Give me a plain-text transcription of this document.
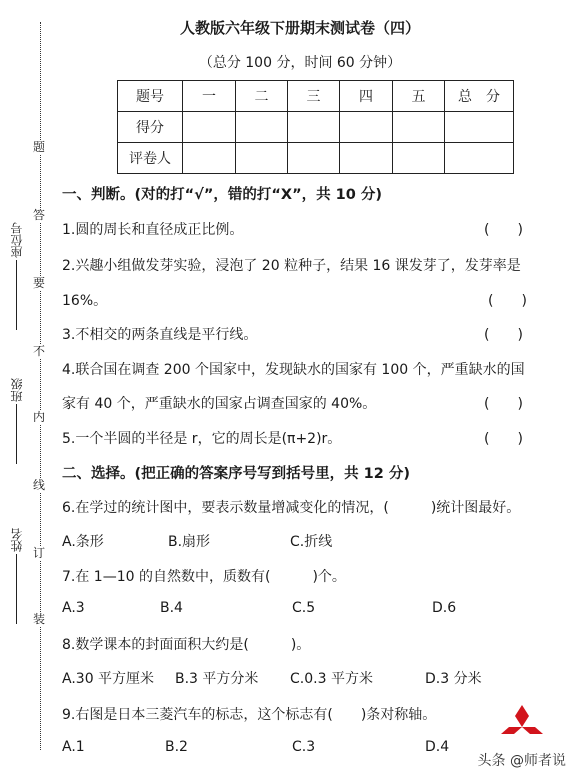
题
答
要
不
内
线
订
装
座位号
班级
姓名
人教版六年级下册期末测试卷（四）
（总分 100 分，时间 60 分钟）
题号	一	二	三	四	五	总　分
得分						
评卷人						
一、判断。(对的打“√”，错的打“X”，共 10 分)
1.圆的周长和直径成正比例。	(　　)
2.兴趣小组做发芽实验，浸泡了 20 粒种子，结果 16 课发芽了，发芽率是
16%。	(　　)
3.不相交的两条直线是平行线。	(　　)
4.联合国在调查 200 个国家中，发现缺水的国家有 100 个，严重缺水的国
家有 40 个，严重缺水的国家占调查国家的 40%。	(　　)
5.一个半圆的半径是 r，它的周长是(π+2)r。	(　　)
二、选择。(把正确的答案序号写到括号里，共 12 分)
6.在学过的统计图中，要表示数量增减变化的情况，(　　　)统计图最好。
A.条形	B.扇形	C.折线
7.在 1—10 的自然数中，质数有(　　　)个。
A.3	B.4	C.5	D.6
8.数学课本的封面面积大约是(　　　)。
A.30 平方厘米 B.3 平方分米 C.0.3 平方米	D.3 分米
9.右图是日本三菱汽车的标志，这个标志有(　　)条对称轴。
A.1	B.2	C.3	D.4
头条 @师者说
